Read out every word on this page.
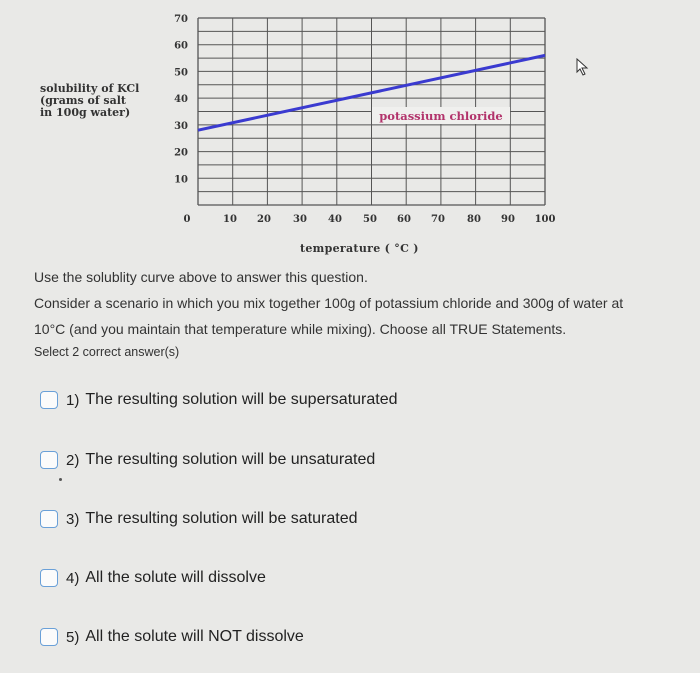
0	10 20 30 40 50 60 70 80 90 100
10
20
30
40
50
60
70
potassium chloride
solubility of KCl
(grams of salt
in 100g water)
temperature ( °C )

Use the solublity curve above to answer this question.

Consider a scenario in which you mix together 100g of potassium chloride and 300g of water at

10°C (and you maintain that temperature while mixing). Choose all TRUE Statements.

Select 2 correct answer(s)
1) The resulting solution will be supersaturated
2) The resulting solution will be unsaturated
3) The resulting solution will be saturated
4) All the solute will dissolve
5) All the solute will NOT dissolve
